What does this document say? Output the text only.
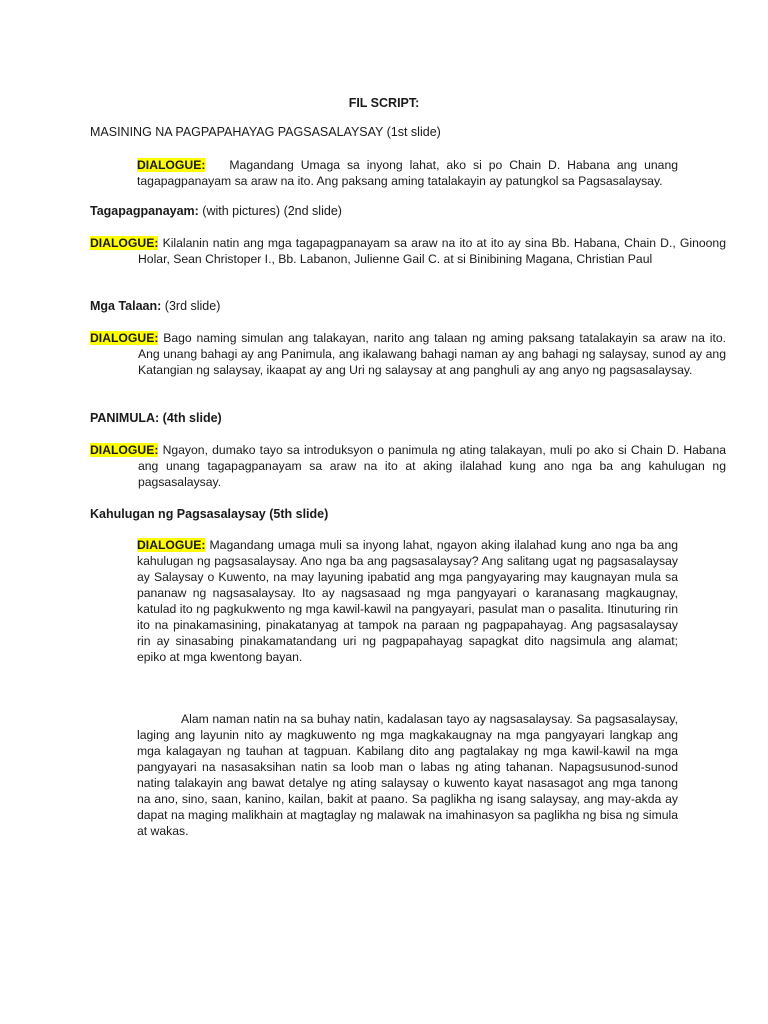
FIL SCRIPT:
MASINING NA PAGPAPAHAYAG PAGSASALAYSAY (1st slide)
DIALOGUE: Magandang Umaga sa inyong lahat, ako si po Chain D. Habana ang unang tagapagpanayam sa araw na ito. Ang paksang aming tatalakayin ay patungkol sa Pagsasalaysay.
Tagapagpanayam: (with pictures) (2nd slide)
DIALOGUE: Kilalanin natin ang mga tagapagpanayam sa araw na ito at ito ay sina Bb. Habana, Chain D., Ginoong Holar, Sean Christoper I., Bb. Labanon, Julienne Gail C. at si Binibining Magana, Christian Paul
Mga Talaan: (3rd slide)
DIALOGUE: Bago naming simulan ang talakayan, narito ang talaan ng aming paksang tatalakayin sa araw na ito. Ang unang bahagi ay ang Panimula, ang ikalawang bahagi naman ay ang bahagi ng salaysay, sunod ay ang Katangian ng salaysay, ikaapat ay ang Uri ng salaysay at ang panghuli ay ang anyo ng pagsasalaysay.
PANIMULA: (4th slide)
DIALOGUE: Ngayon, dumako tayo sa introduksyon o panimula ng ating talakayan, muli po ako si Chain D. Habana ang unang tagapagpanayam sa araw na ito at aking ilalahad kung ano nga ba ang kahulugan ng pagsasalaysay.
Kahulugan ng Pagsasalaysay (5th slide)
DIALOGUE: Magandang umaga muli sa inyong lahat, ngayon aking ilalahad kung ano nga ba ang kahulugan ng pagsasalaysay. Ano nga ba ang pagsasalaysay? Ang salitang ugat ng pagsasalaysay ay Salaysay o Kuwento, na may layuning ipabatid ang mga pangyayaring may kaugnayan mula sa pananaw ng nagsasalaysay. Ito ay nagsasaad ng mga pangyayari o karanasang magkaugnay, katulad ito ng pagkukwento ng mga kawil-kawil na pangyayari, pasulat man o pasalita. Itinuturing rin ito na pinakamasining, pinakatanyag at tampok na paraan ng pagpapahayag. Ang pagsasalaysay rin ay sinasabing pinakamatandang uri ng pagpapahayag sapagkat dito nagsimula ang alamat; epiko at mga kwentong bayan.
Alam naman natin na sa buhay natin, kadalasan tayo ay nagsasalaysay. Sa pagsasalaysay, laging ang layunin nito ay magkuwento ng mga magkakaugnay na mga pangyayari langkap ang mga kalagayan ng tauhan at tagpuan. Kabilang dito ang pagtalakay ng mga kawil-kawil na mga pangyayari na nasasaksihan natin sa loob man o labas ng ating tahanan. Napagsusunod-sunod nating talakayin ang bawat detalye ng ating salaysay o kuwento kayat nasasagot ang mga tanong na ano, sino, saan, kanino, kailan, bakit at paano. Sa paglikha ng isang salaysay, ang may-akda ay dapat na maging malikhain at magtaglay ng malawak na imahinasyon sa paglikha ng bisa ng simula at wakas.
